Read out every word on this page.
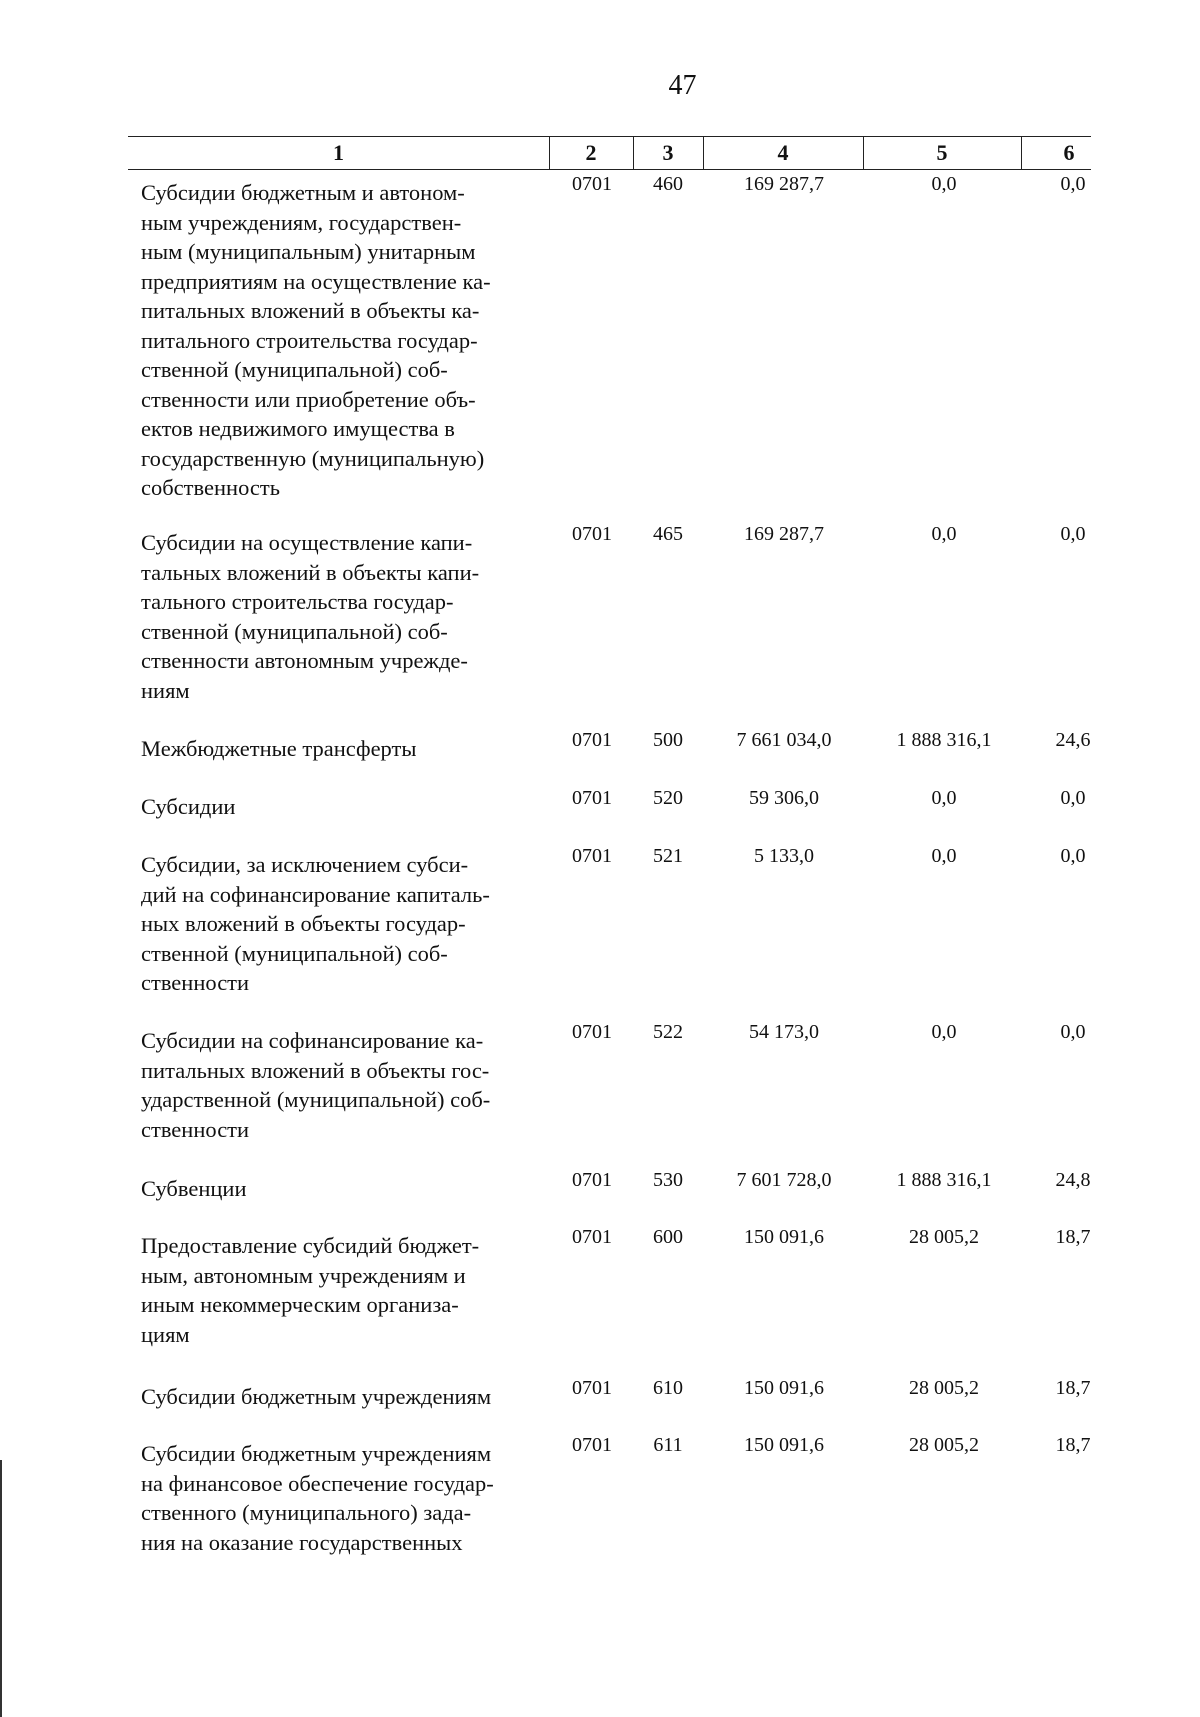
47
1	2	3	4	5	6
Субсидии бюджетным и автоном-
ным учреждениям, государствен-
ным (муниципальным) унитарным
предприятиям на осуществление ка-
питальных вложений в объекты ка-
питального строительства государ-
ственной (муниципальной) соб-
ственности или приобретение объ-
ектов недвижимого имущества в
государственную (муниципальную)
собственность
0701	460	169 287,7	0,0	0,0
Субсидии на осуществление капи-
тальных вложений в объекты капи-
тального строительства государ-
ственной (муниципальной) соб-
ственности автономным учрежде-
ниям
0701	465	169 287,7	0,0	0,0
Межбюджетные трансферты	0701	500	7 661 034,0	1 888 316,1	24,6
Субсидии	0701	520	59 306,0	0,0	0,0
Субсидии, за исключением субси-
дий на софинансирование капиталь-
ных вложений в объекты государ-
ственной (муниципальной) соб-
ственности
0701	521	5 133,0	0,0	0,0
Субсидии на софинансирование ка-
питальных вложений в объекты гос-
ударственной (муниципальной) соб-
ственности
0701	522	54 173,0	0,0	0,0
Субвенции	0701	530	7 601 728,0	1 888 316,1	24,8
Предоставление субсидий бюджет-
ным, автономным учреждениям и
иным некоммерческим организа-
циям
0701	600	150 091,6	28 005,2	18,7
Субсидии бюджетным учреждениям	0701	610	150 091,6	28 005,2	18,7
Субсидии бюджетным учреждениям
на финансовое обеспечение государ-
ственного (муниципального) зада-
ния на оказание государственных
0701	611	150 091,6	28 005,2	18,7
